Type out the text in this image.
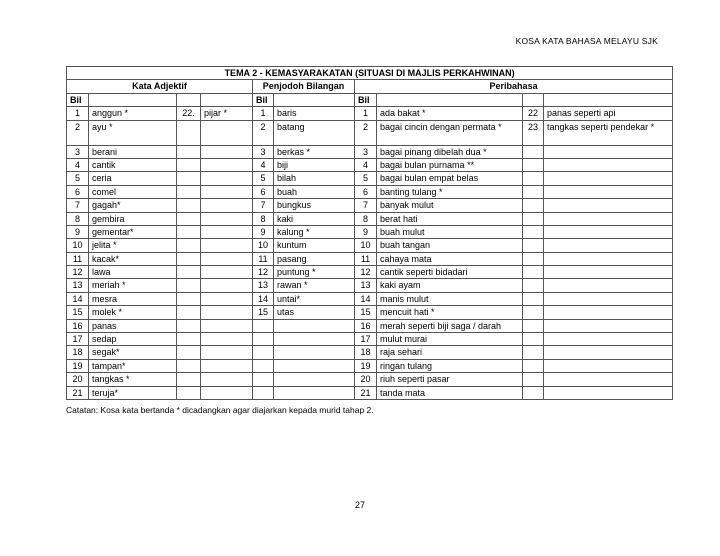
KOSA KATA BAHASA MELAYU SJK
TEMA 2 - KEMASYARAKATAN (SITUASI DI MAJLIS PERKAHWINAN)									
Kata Adjektif				Penjodoh Bilangan		Peribahasa			
Bil				Bil		Bil			
1	anggun *	22.	pijar *	1	baris	1	ada bakat *	22	panas seperti api
2	ayu *			2	batang	2	bagai cincin dengan permata *	23	tangkas seperti pendekar *
3	berani			3	berkas *	3	bagai pinang dibelah dua *		
4	cantik			4	biji	4	bagai bulan purnama **		
5	ceria			5	bilah	5	bagai bulan empat belas		
6	comel			6	buah	6	banting tulang *		
7	gagah*			7	bungkus	7	banyak mulut		
8	gembira			8	kaki	8	berat hati		
9	gementar*			9	kalung *	9	buah mulut		
10	jelita *			10	kuntum	10	buah tangan		
11	kacak*			11	pasang	11	cahaya mata		
12	lawa			12	puntung *	12	cantik seperti bidadari		
13	meriah *			13	rawan *	13	kaki ayam		
14	mesra			14	untai*	14	manis mulut		
15	molek *			15	utas	15	mencuit hati *		
16	panas					16	merah seperti biji saga / darah		
17	sedap					17	mulut murai		
18	segak*					18	raja sehari		
19	tampan*					19	ringan tulang		
20	tangkas *					20	riuh seperti pasar		
21	teruja*					21	tanda mata		
Catatan: Kosa kata bertanda * dicadangkan agar diajarkan kepada murid tahap 2.
27
